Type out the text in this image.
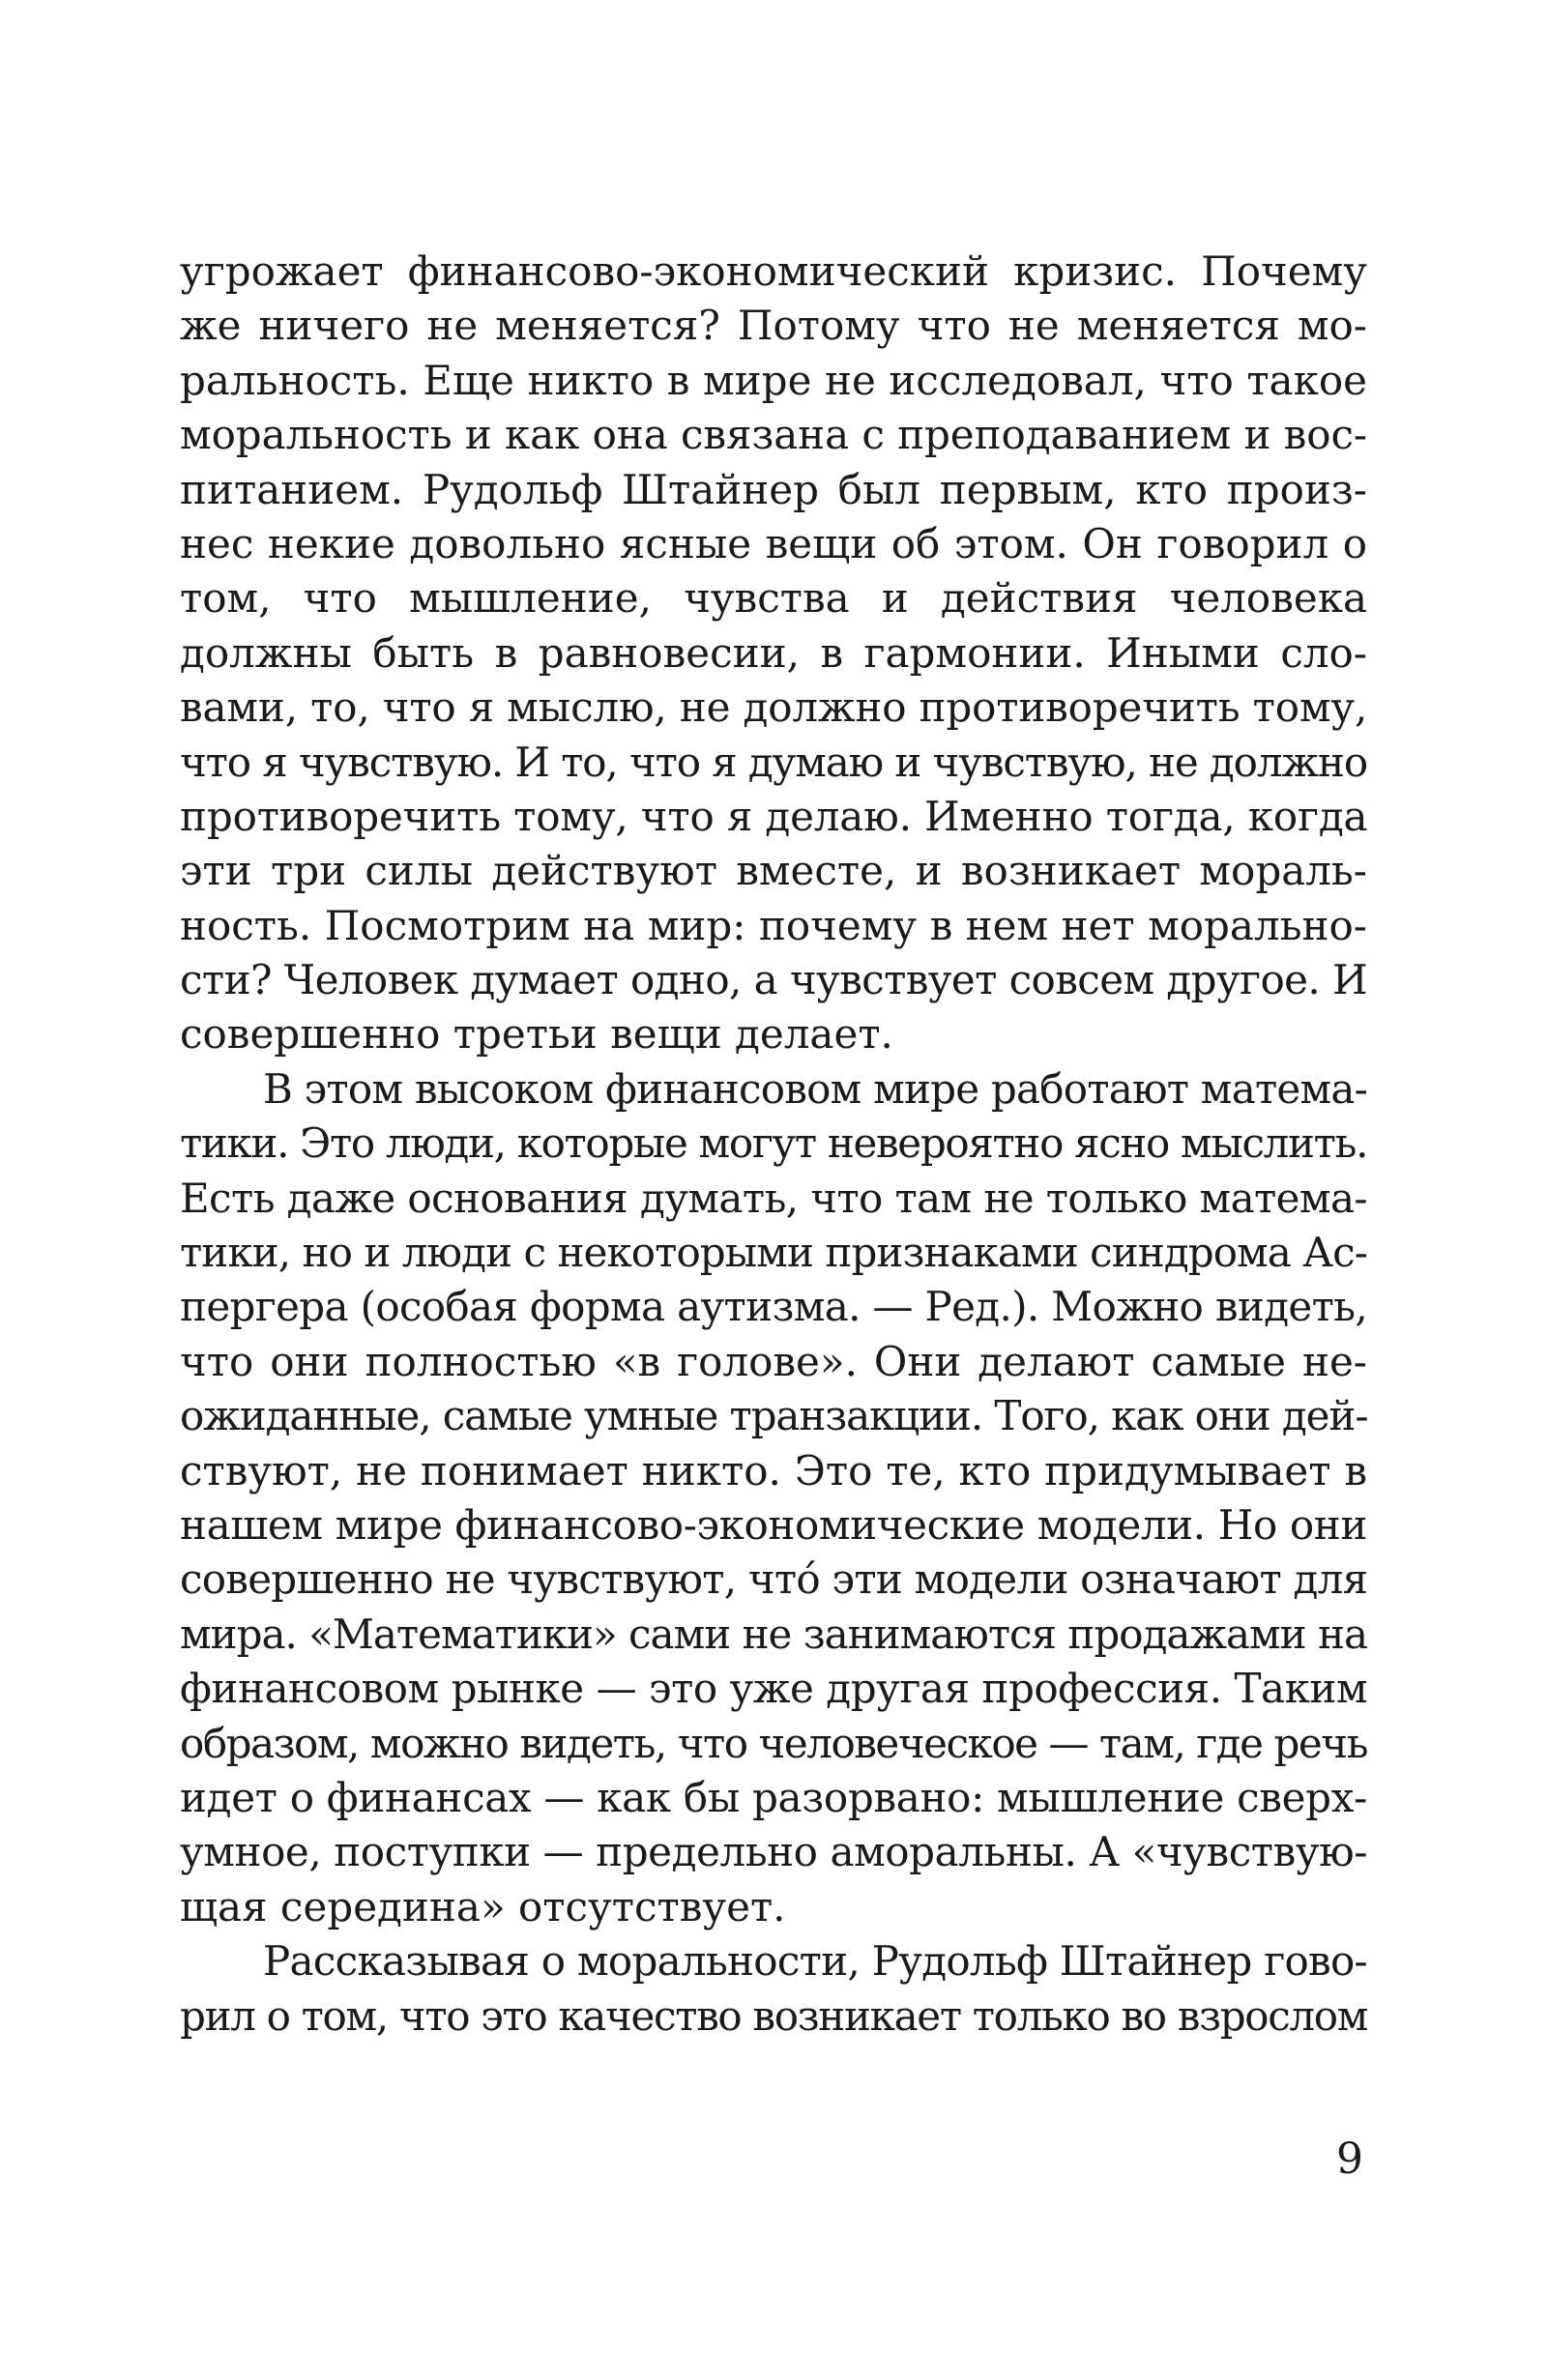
угрожает финансово-экономический кризис. Почему
же ничего не меняется? Потому что не меняется мо-
ральность. Еще никто в мире не исследовал, что такое
моральность и как она связана с преподаванием и вос-
питанием. Рудольф Штайнер был первым, кто произ-
нес некие довольно ясные вещи об этом. Он говорил о
том, что мышление, чувства и действия человека
должны быть в равновесии, в гармонии. Иными сло-
вами, то, что я мыслю, не должно противоречить тому,
что я чувствую. И то, что я думаю и чувствую, не должно
противоречить тому, что я делаю. Именно тогда, когда
эти три силы действуют вместе, и возникает мораль-
ность. Посмотрим на мир: почему в нем нет морально-
сти? Человек думает одно, а чувствует совсем другое. И
совершенно третьи вещи делает.
В этом высоком финансовом мире работают матема-
тики. Это люди, которые могут невероятно ясно мыслить.
Есть даже основания думать, что там не только матема-
тики, но и люди с некоторыми признаками синдрома Ас-
пергера (особая форма аутизма. — Ред.). Можно видеть,
что они полностью «в голове». Они делают самые не-
ожиданные, самые умные транзакции. Того, как они дей-
ствуют, не понимает никто. Это те, кто придумывает в
нашем мире финансово-экономические модели. Но они
совершенно не чувствуют, чтó эти модели означают для
мира. «Математики» сами не занимаются продажами на
финансовом рынке — это уже другая профессия. Таким
образом, можно видеть, что человеческое — там, где речь
идет о финансах — как бы разорвано: мышление сверх-
умное, поступки — предельно аморальны. А «чувствую-
щая середина» отсутствует.
Рассказывая о моральности, Рудольф Штайнер гово-
рил о том, что это качество возникает только во взрослом
9
